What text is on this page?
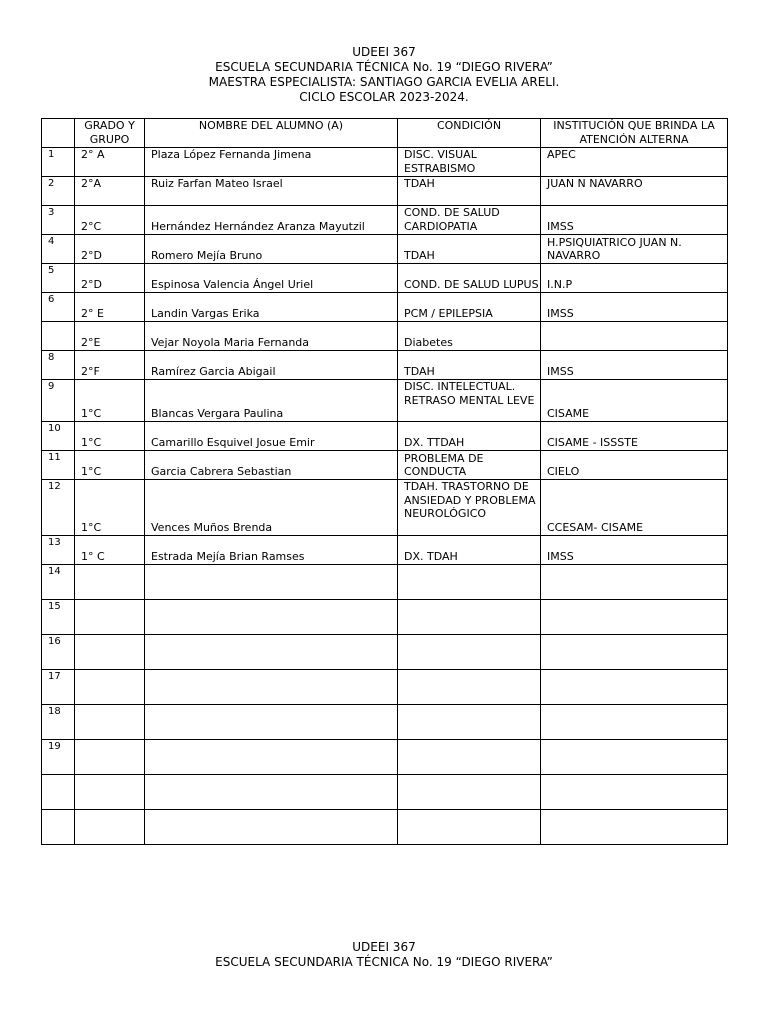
UDEEI 367
ESCUELA SECUNDARIA TÉCNICA No. 19 “DIEGO RIVERA”
MAESTRA ESPECIALISTA: SANTIAGO GARCIA EVELIA ARELI.
CICLO ESCOLAR 2023-2024.
	GRADO Y GRUPO	NOMBRE DEL ALUMNO (A)	CONDICIÓN	INSTITUCIÓN QUE BRINDA LA ATENCIÓN ALTERNA
1	2° A	Plaza López Fernanda Jimena	DISC. VISUAL ESTRABISMO	APEC
2	2°A	Ruiz Farfan Mateo Israel	TDAH	JUAN N NAVARRO
3	2°C	Hernández Hernández Aranza Mayutzil	COND. DE SALUD CARDIOPATIA	IMSS
4	2°D	Romero Mejía Bruno	TDAH	H.PSIQUIATRICO JUAN N. NAVARRO
5	2°D	Espinosa Valencia Ángel Uriel	COND. DE SALUD LUPUS	I.N.P
6	2° E	Landin Vargas Erika	PCM / EPILEPSIA	IMSS
	2°E	Vejar Noyola Maria Fernanda	Diabetes	
8	2°F	Ramírez Garcia Abigail	TDAH	IMSS
9	1°C	Blancas Vergara Paulina	DISC. INTELECTUAL. RETRASO MENTAL LEVE	CISAME
10	1°C	Camarillo Esquivel Josue Emir	DX. TTDAH	CISAME - ISSSTE
11	1°C	Garcia Cabrera Sebastian	PROBLEMA DE CONDUCTA	CIELO
12	1°C	Vences Muños Brenda	TDAH. TRASTORNO DE ANSIEDAD Y PROBLEMA NEUROLÓGICO	CCESAM- CISAME
13	1° C	Estrada Mejía Brian Ramses	DX. TDAH	IMSS
14				
15				
16				
17				
18				
19				

UDEEI 367
ESCUELA SECUNDARIA TÉCNICA No. 19 “DIEGO RIVERA”
